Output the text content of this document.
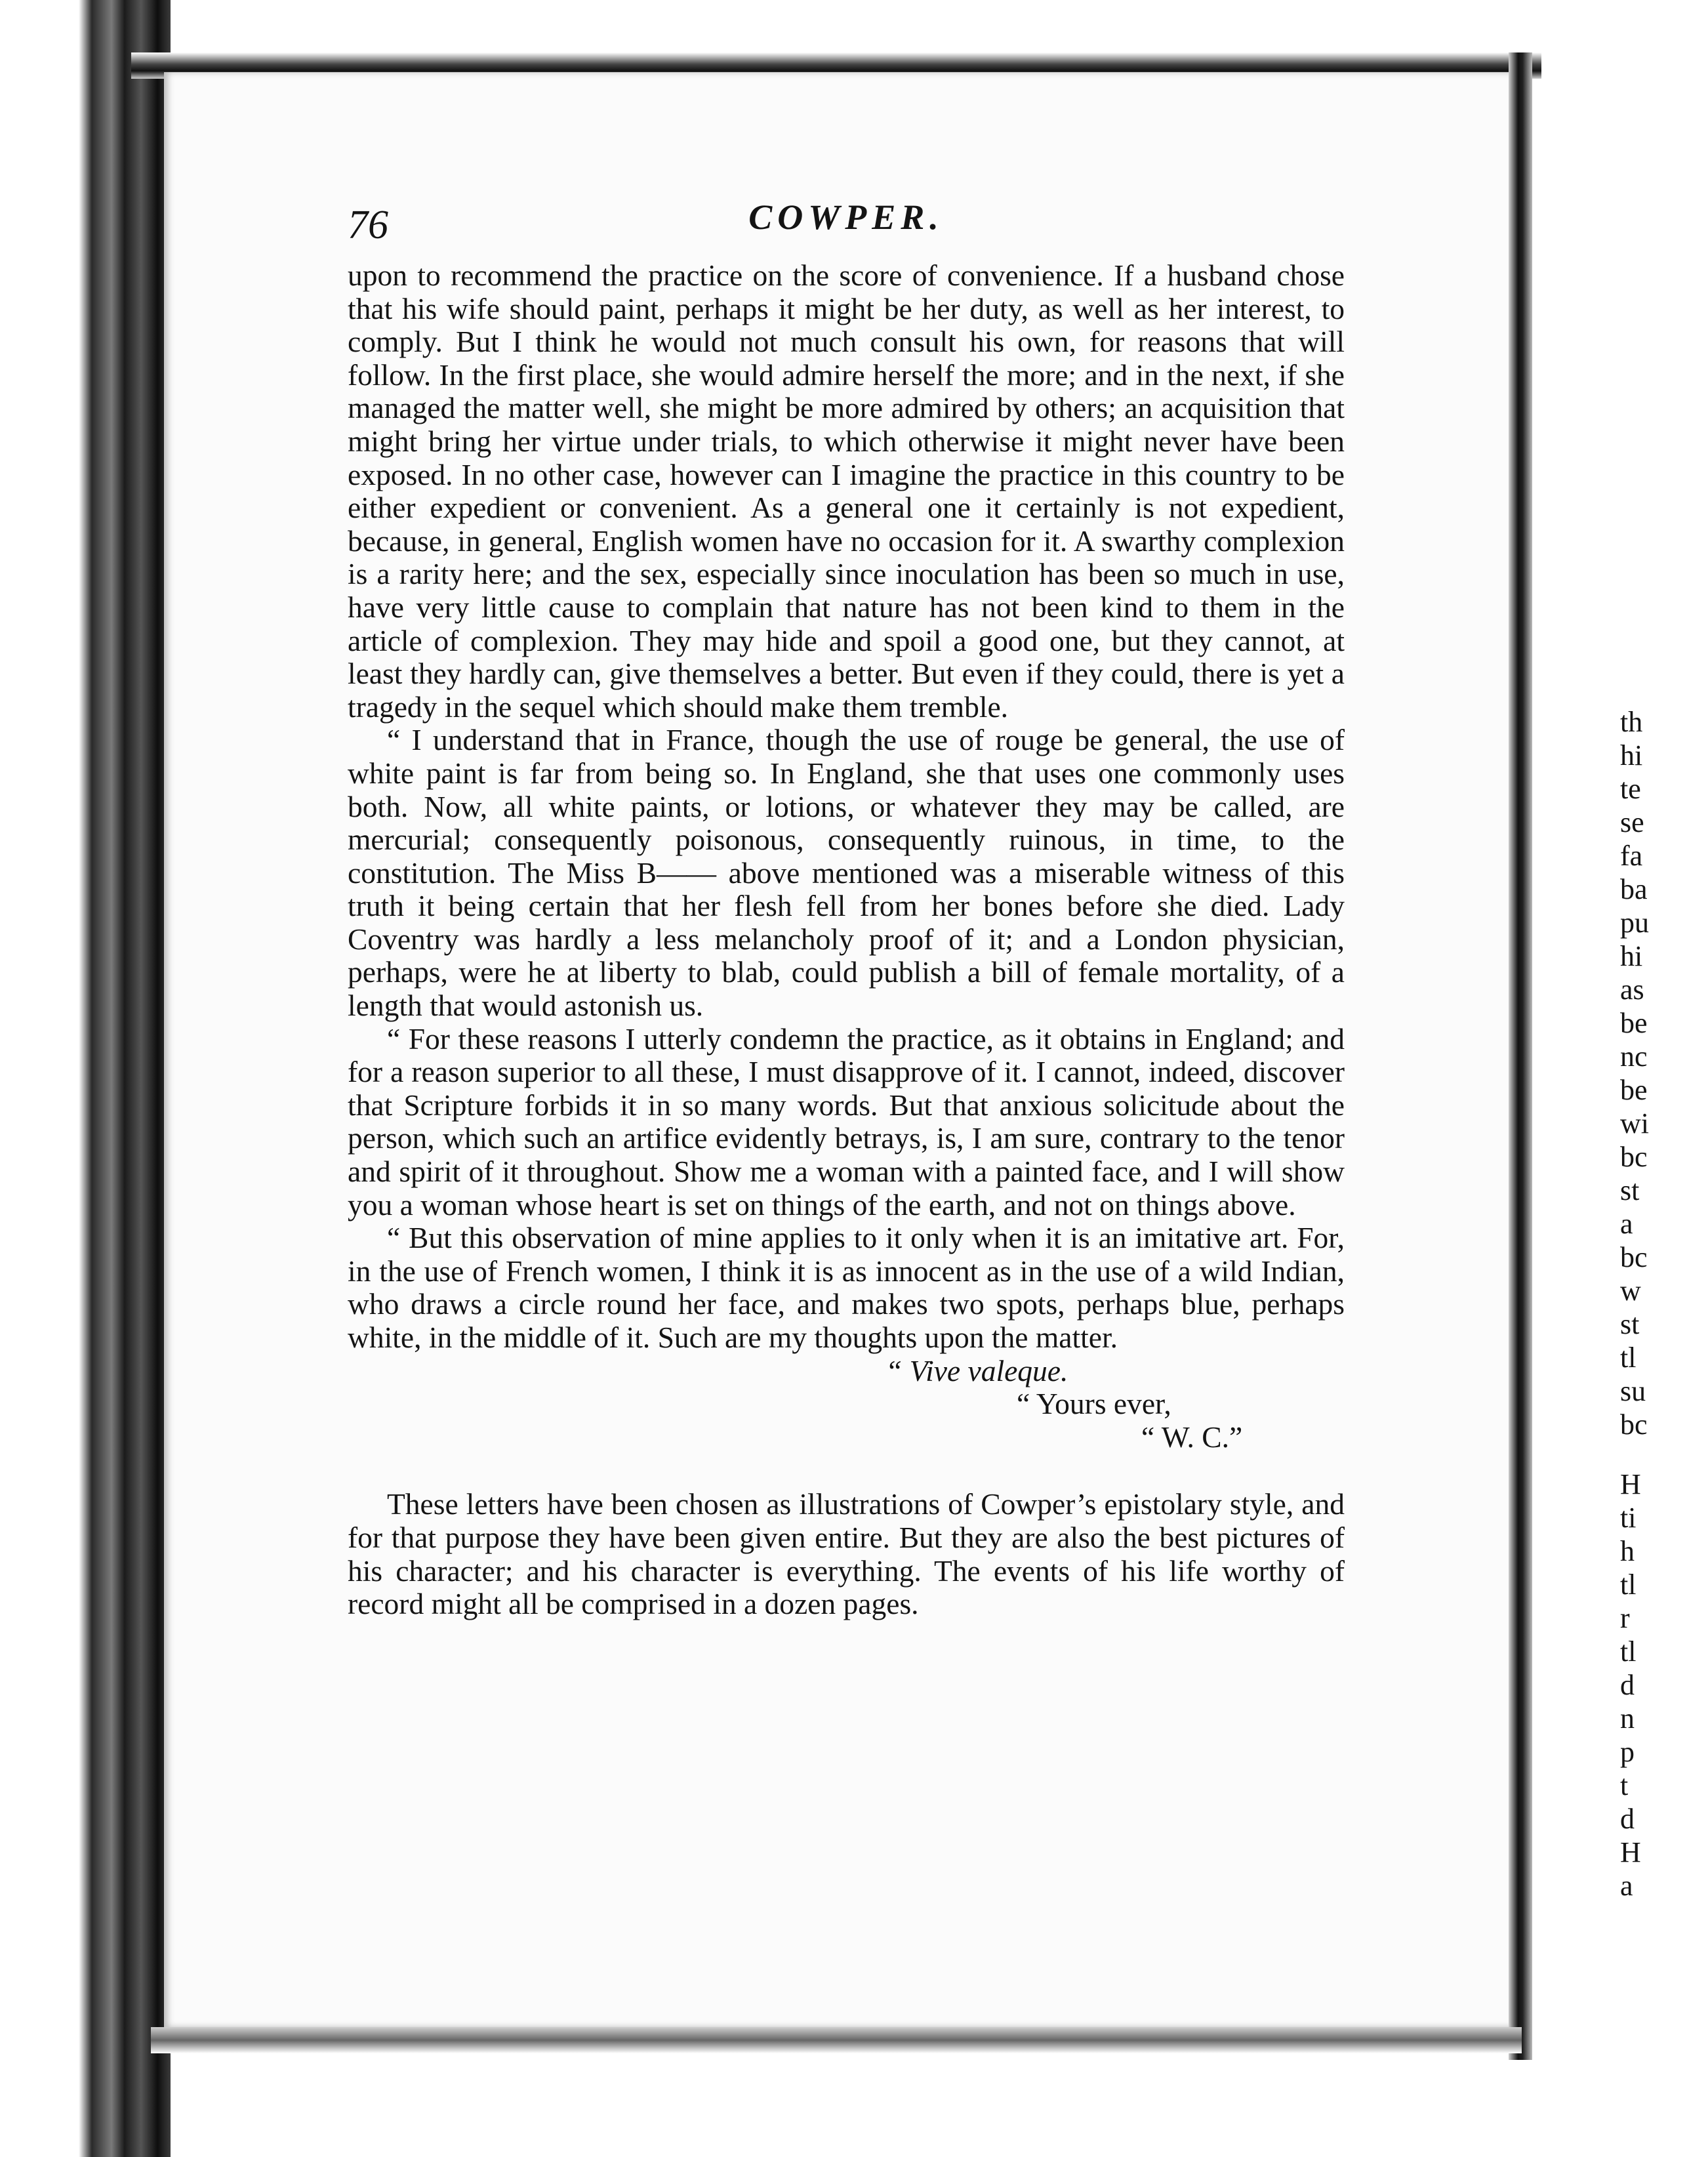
76	COWPER.

upon to recommend the practice on the score of convenience. If a husband chose that his wife should paint, perhaps it might be her duty, as well as her interest, to comply. But I think he would not much consult his own, for reasons that will follow. In the first place, she would admire herself the more; and in the next, if she managed the matter well, she might be more admired by others; an acquisition that might bring her virtue under trials, to which otherwise it might never have been exposed. In no other case, however can I imagine the practice in this country to be either expedient or convenient. As a general one it certainly is not expedient, because, in general, English women have no occasion for it. A swarthy complexion is a rarity here; and the sex, especially since inoculation has been so much in use, have very little cause to complain that nature has not been kind to them in the article of complexion. They may hide and spoil a good one, but they cannot, at least they hardly can, give themselves a better. But even if they could, there is yet a tragedy in the sequel which should make them tremble.

“ I understand that in France, though the use of rouge be general, the use of white paint is far from being so. In England, she that uses one commonly uses both. Now, all white paints, or lotions, or whatever they may be called, are mercurial; consequently poisonous, consequently ruinous, in time, to the constitution. The Miss B—— above mentioned was a miserable witness of this truth it being certain that her flesh fell from her bones before she died. Lady Coventry was hardly a less melancholy proof of it; and a London physician, perhaps, were he at liberty to blab, could publish a bill of female mortality, of a length that would astonish us.

“ For these reasons I utterly condemn the practice, as it obtains in England; and for a reason superior to all these, I must disapprove of it. I cannot, indeed, discover that Scripture forbids it in so many words. But that anxious solicitude about the person, which such an artifice evidently betrays, is, I am sure, contrary to the tenor and spirit of it throughout. Show me a woman with a painted face, and I will show you a woman whose heart is set on things of the earth, and not on things above.

“ But this observation of mine applies to it only when it is an imitative art. For, in the use of French women, I think it is as innocent as in the use of a wild Indian, who draws a circle round her face, and makes two spots, perhaps blue, perhaps white, in the middle of it. Such are my thoughts upon the matter.

“ Vive valeque.
“ Yours ever,
“ W. C.”

These letters have been chosen as illustrations of Cowper’s epistolary style, and for that purpose they have been given entire. But they are also the best pictures of his character; and his character is everything. The events of his life worthy of record might all be comprised in a dozen pages.

th
hi
te
se
fa
ba
pu
hi
as
be
nc
be
wi
bc
st
a
bc
w
st
tl
su
bc
H
ti
h
tl
r
tl
d
n
p
t
d
H
a
